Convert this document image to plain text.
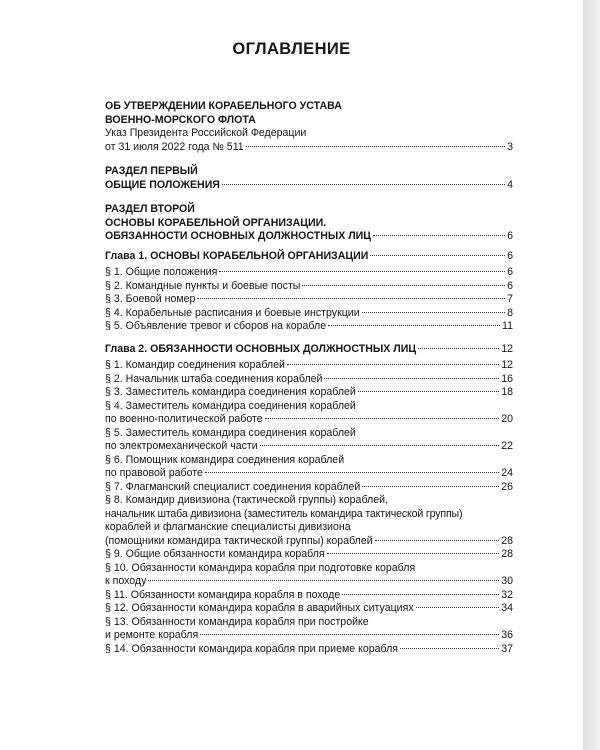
ОГЛАВЛЕНИЕ
ОБ УТВЕРЖДЕНИИ КОРАБЕЛЬНОГО УСТАВА
ВОЕННО-МОРСКОГО ФЛОТА
Указ Президента Российской Федерации
от 31 июля 2022 года № 511	3
РАЗДЕЛ ПЕРВЫЙ
ОБЩИЕ ПОЛОЖЕНИЯ	4
РАЗДЕЛ ВТОРОЙ
ОСНОВЫ КОРАБЕЛЬНОЙ ОРГАНИЗАЦИИ.
ОБЯЗАННОСТИ ОСНОВНЫХ ДОЛЖНОСТНЫХ ЛИЦ	6
Глава 1. ОСНОВЫ КОРАБЕЛЬНОЙ ОРГАНИЗАЦИИ	6
§ 1. Общие положения	6
§ 2. Командные пункты и боевые посты	6
§ 3. Боевой номер	7
§ 4. Корабельные расписания и боевые инструкции	8
§ 5. Объявление тревог и сборов на корабле	11
Глава 2. ОБЯЗАННОСТИ ОСНОВНЫХ ДОЛЖНОСТНЫХ ЛИЦ	12
§ 1. Командир соединения кораблей	12
§ 2. Начальник штаба соединения кораблей	16
§ 3. Заместитель командира соединения кораблей	18
§ 4. Заместитель командира соединения кораблей
по военно-политической работе	20
§ 5. Заместитель командира соединения кораблей
по электромеханической части	22
§ 6. Помощник командира соединения кораблей
по правовой работе	24
§ 7. Флагманский специалист соединения кораблей	26
§ 8. Командир дивизиона (тактической группы) кораблей,
начальник штаба дивизиона (заместитель командира тактической группы)
кораблей и флагманские специалисты дивизиона
(помощники командира тактической группы) кораблей	28
§ 9. Общие обязанности командира корабля	28
§ 10. Обязанности командира корабля при подготовке корабля
к походу	30
§ 11. Обязанности командира корабля в походе	32
§ 12. Обязанности командира корабля в аварийных ситуациях	34
§ 13. Обязанности командира корабля при постройке
и ремонте корабля	36
§ 14. Обязанности командира корабля при приеме корабля	37
